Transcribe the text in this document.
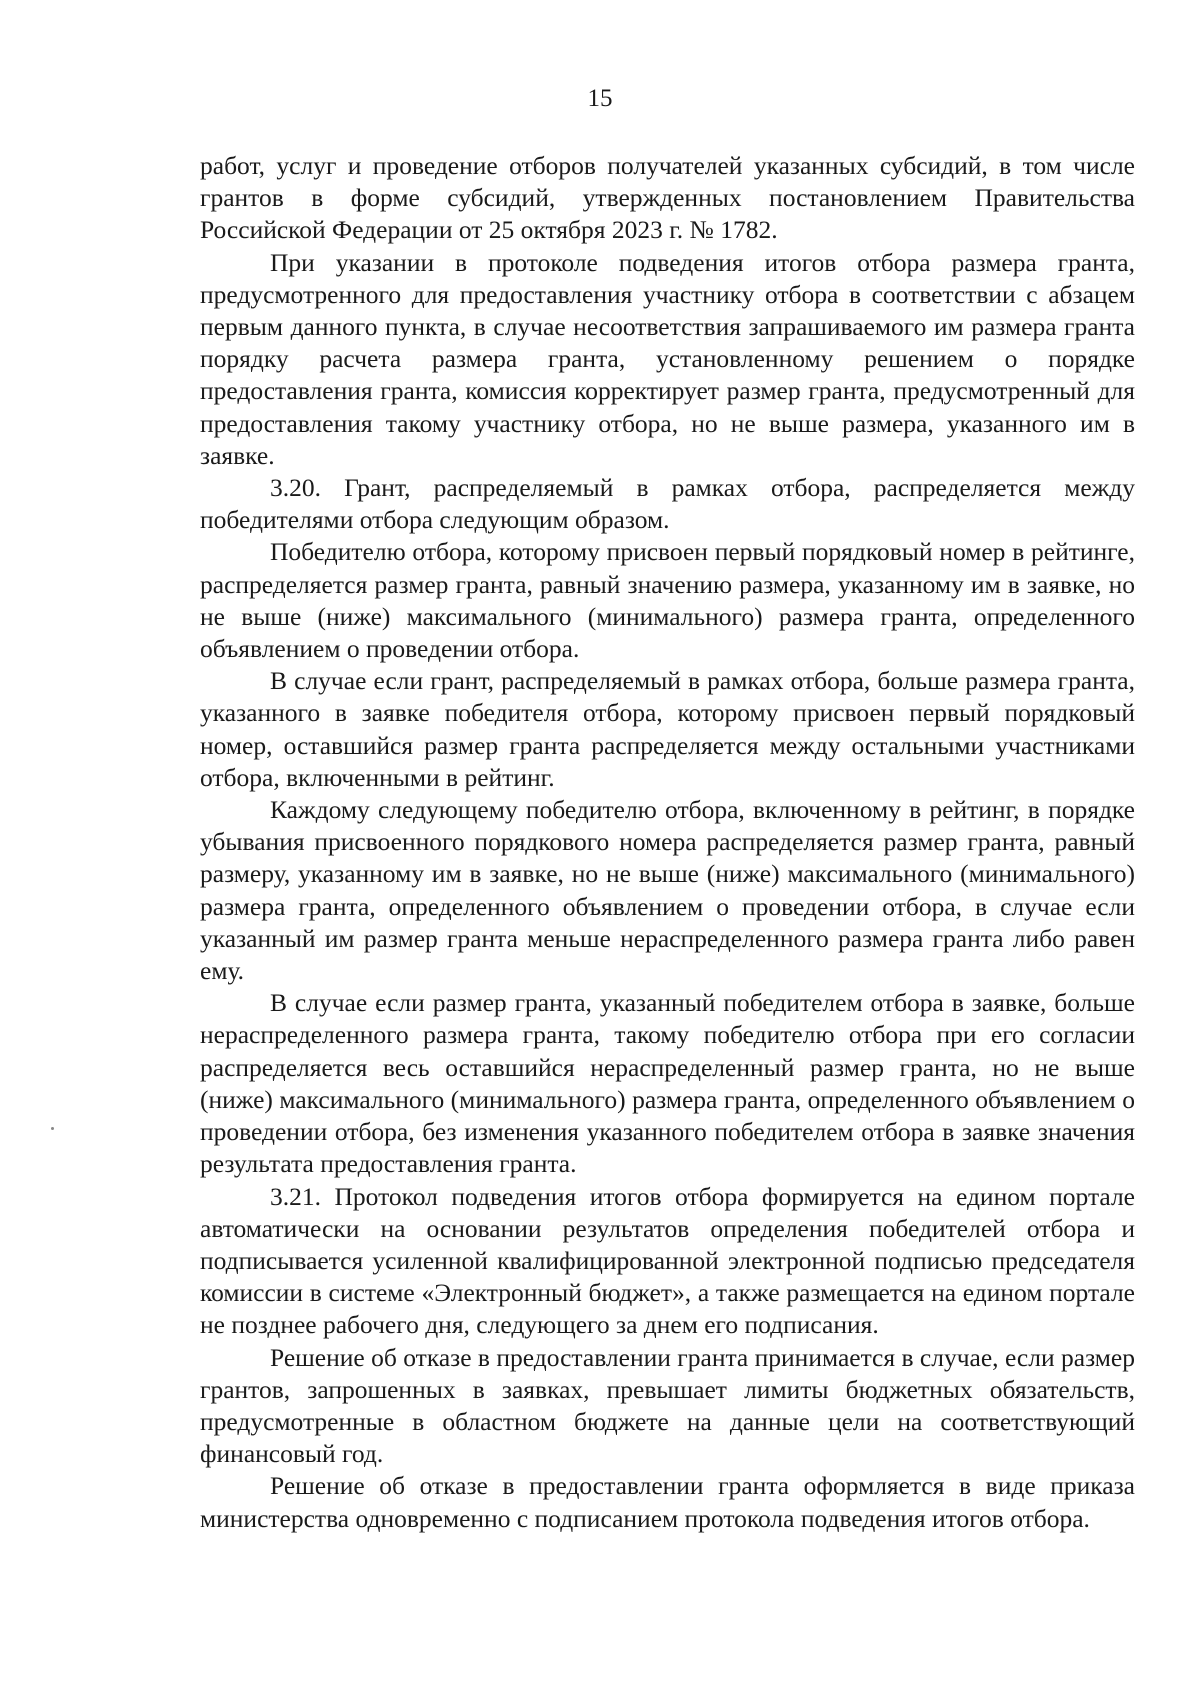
15

работ, услуг и проведение отборов получателей указанных субсидий, в том числе грантов в форме субсидий, утвержденных постановлением Правительства Российской Федерации от 25 октября 2023 г. № 1782.

При указании в протоколе подведения итогов отбора размера гранта, предусмотренного для предоставления участнику отбора в соответствии с абзацем первым данного пункта, в случае несоответствия запрашиваемого им размера гранта порядку расчета размера гранта, установленному решением о порядке предоставления гранта, комиссия корректирует размер гранта, предусмотренный для предоставления такому участнику отбора, но не выше размера, указанного им в заявке.

3.20. Грант, распределяемый в рамках отбора, распределяется между победителями отбора следующим образом.

Победителю отбора, которому присвоен первый порядковый номер в рейтинге, распределяется размер гранта, равный значению размера, указанному им в заявке, но не выше (ниже) максимального (минимального) размера гранта, определенного объявлением о проведении отбора.

В случае если грант, распределяемый в рамках отбора, больше размера гранта, указанного в заявке победителя отбора, которому присвоен первый порядковый номер, оставшийся размер гранта распределяется между остальными участниками отбора, включенными в рейтинг.

Каждому следующему победителю отбора, включенному в рейтинг, в порядке убывания присвоенного порядкового номера распределяется размер гранта, равный размеру, указанному им в заявке, но не выше (ниже) максимального (минимального) размера гранта, определенного объявлением о проведении отбора, в случае если указанный им размер гранта меньше нераспределенного размера гранта либо равен ему.

В случае если размер гранта, указанный победителем отбора в заявке, больше нераспределенного размера гранта, такому победителю отбора при его согласии распределяется весь оставшийся нераспределенный размер гранта, но не выше (ниже) максимального (минимального) размера гранта, определенного объявлением о проведении отбора, без изменения указанного победителем отбора в заявке значения результата предоставления гранта.

3.21. Протокол подведения итогов отбора формируется на едином портале автоматически на основании результатов определения победителей отбора и подписывается усиленной квалифицированной электронной подписью председателя комиссии в системе «Электронный бюджет», а также размещается на едином портале не позднее рабочего дня, следующего за днем его подписания.

Решение об отказе в предоставлении гранта принимается в случае, если размер грантов, запрошенных в заявках, превышает лимиты бюджетных обязательств, предусмотренные в областном бюджете на данные цели на соответствующий финансовый год.

Решение об отказе в предоставлении гранта оформляется в виде приказа министерства одновременно с подписанием протокола подведения итогов отбора.
